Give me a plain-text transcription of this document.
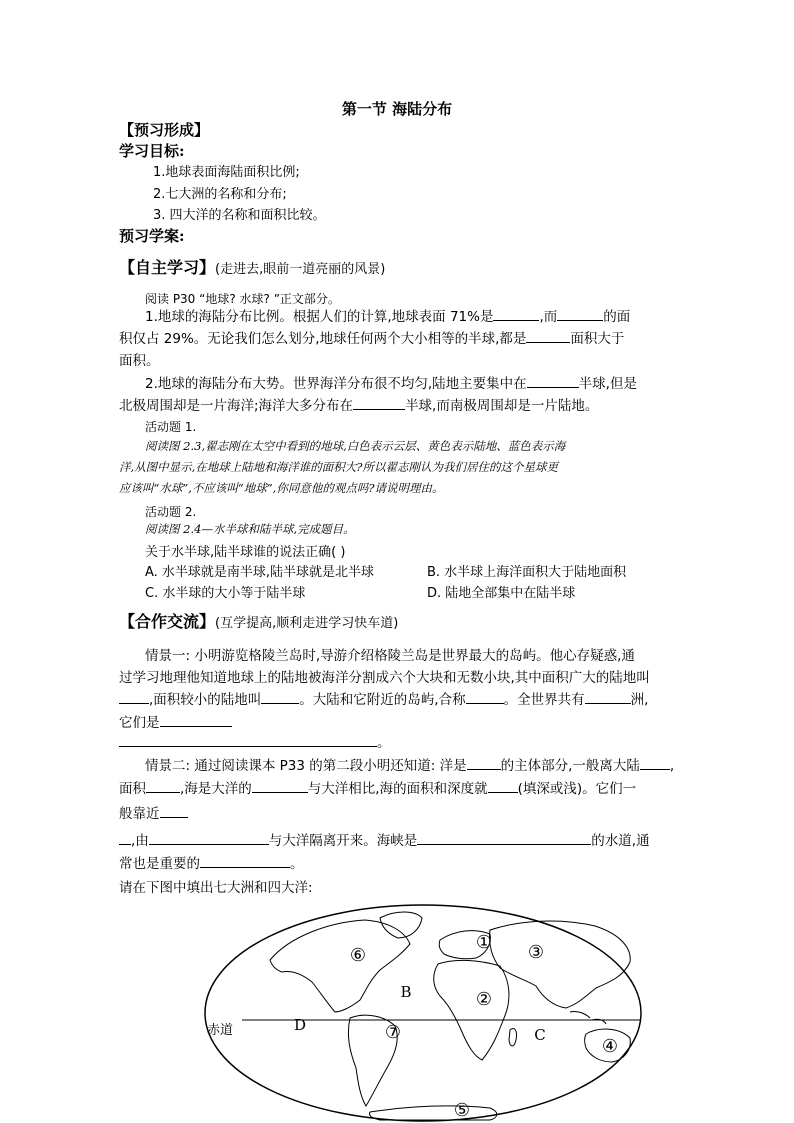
第一节 海陆分布
【预习形成】
学习目标:
1.地球表面海陆面积比例;
2.七大洲的名称和分布;
3. 四大洋的名称和面积比较。
预习学案:
【自主学习】(走进去,眼前一道亮丽的风景)
阅读 P30 “地球? 水球? ”正文部分。
1.地球的海陆分布比例。根据人们的计算,地球表面 71%是	,而	的面
积仅占 29%。无论我们怎么划分,地球任何两个大小相等的半球,都是	面积大于
面积。
2.地球的海陆分布大势。世界海洋分布很不均匀,陆地主要集中在	半球,但是
北极周围却是一片海洋;海洋大多分布在	半球,而南极周围却是一片陆地。
活动题 1.
阅读图 2.3,翟志刚在太空中看到的地球,白色表示云层、黄色表示陆地、蓝色表示海
洋,从图中显示,在地球上陆地和海洋谁的面积大?所以翟志刚认为我们居住的这个星球更
应该叫“水球”,不应该叫“地球”,你同意他的观点吗?请说明理由。
活动题 2.
阅读图 2.4—水半球和陆半球,完成题目。
关于水半球,陆半球谁的说法正确( )
A. 水半球就是南半球,陆半球就是北半球	B. 水半球上海洋面积大于陆地面积
C. 水半球的大小等于陆半球	D. 陆地全部集中在陆半球
【合作交流】(互学提高,顺利走进学习快车道)
情景一: 小明游览格陵兰岛时,导游介绍格陵兰岛是世界最大的岛屿。他心存疑惑,通
过学习地理他知道地球上的陆地被海洋分割成六个大块和无数小块,其中面积广大的陆地叫
,面积较小的陆地叫	。大陆和它附近的岛屿,合称	。全世界共有	洲,
它们是
。
情景二: 通过阅读课本 P33 的第二段小明还知道: 洋是	的主体部分,一般离大陆 ,
面积	,海是大洋的	与大洋相比,海的面积和深度就 (填深或浅)。它们一
般靠近
,由	与大洋隔离开来。海峡是	的水道,通
常也是重要的	。
请在下图中填出七大洲和四大洋:
赤道
①
②
③
④
⑤
⑥
⑦
B
C
D
